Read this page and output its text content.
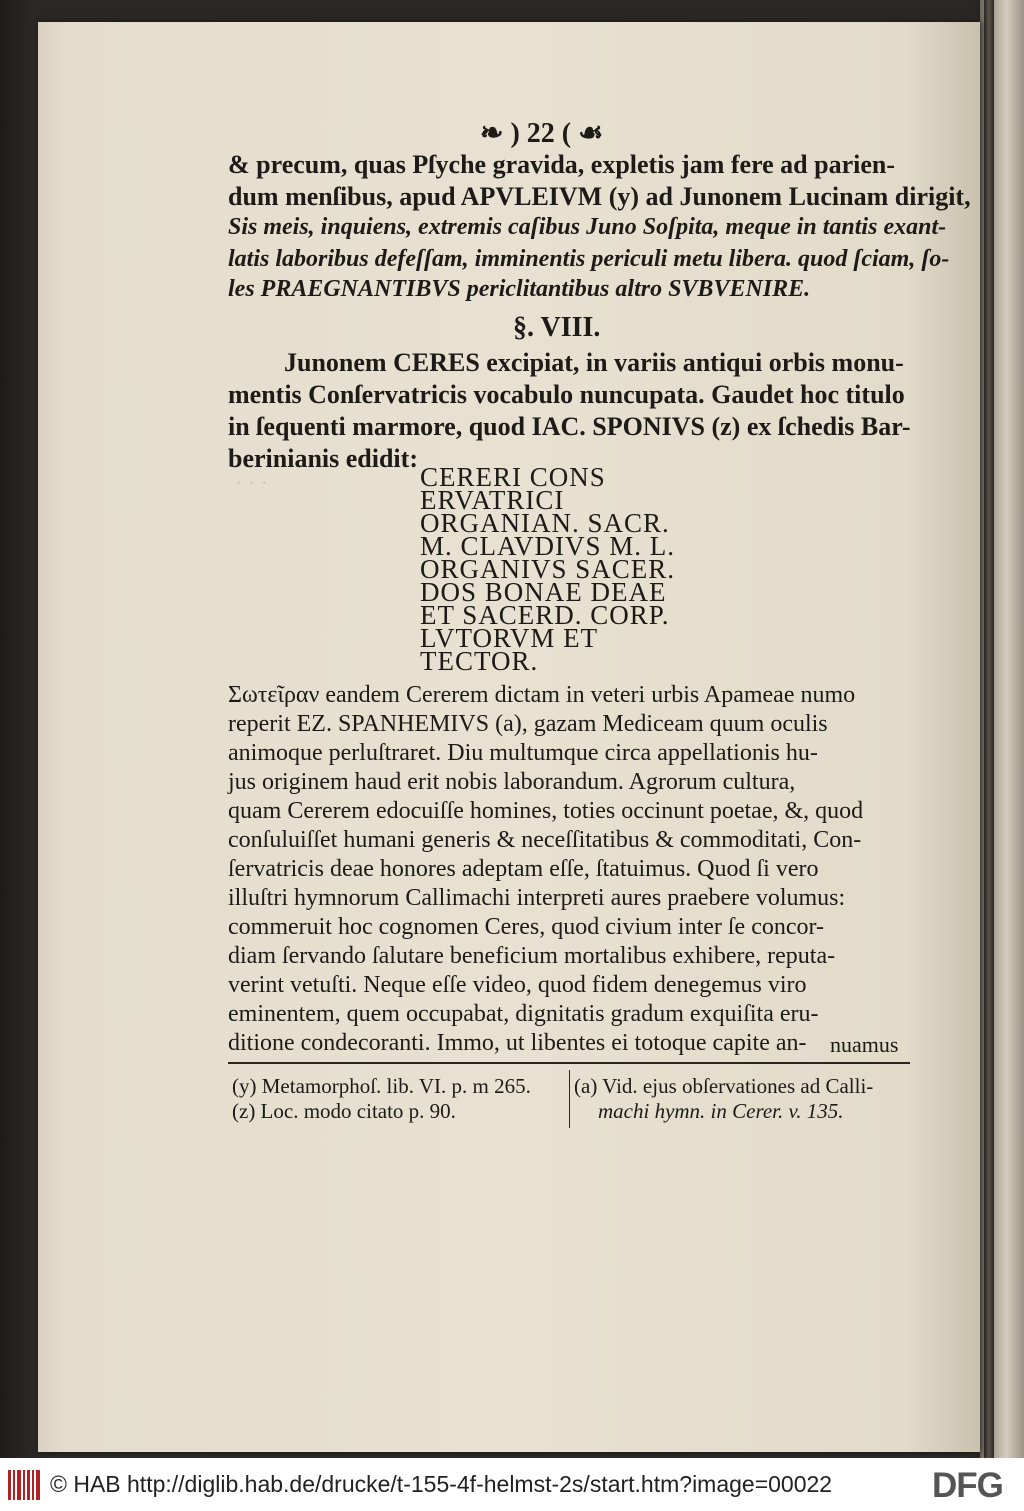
· · ·
❧ ) 22 ( ☙
& precum, quas Pſyche gravida, expletis jam fere ad parien-
dum menſibus, apud APVLEIVM (y) ad Junonem Lucinam dirigit,
Sis meis, inquiens, extremis caſibus Juno Soſpita, meque in tantis exant-
latis laboribus defeſſam, imminentis periculi metu libera. quod ſciam, ſo-
les PRAEGNANTIBVS periclitantibus altro SVBVENIRE.
§. VIII.
Junonem CERES excipiat, in variis antiqui orbis monu-
mentis Conſervatricis vocabulo nuncupata. Gaudet hoc titulo
in ſequenti marmore, quod IAC. SPONIVS (z) ex ſchedis Bar-
berinianis edidit:
CERERI CONS
ERVATRICI
ORGANIAN. SACR.
M. CLAVDIVS M. L.
ORGANIVS SACER.
DOS BONAE DEAE
ET SACERD. CORP.
LVTORVM ET
TECTOR.
Σωτεῖραν eandem Cererem dictam in veteri urbis Apameae numo
reperit EZ. SPANHEMIVS (a), gazam Mediceam quum oculis
animoque perluſtraret. Diu multumque circa appellationis hu-
jus originem haud erit nobis laborandum. Agrorum cultura,
quam Cererem edocuiſſe homines, toties occinunt poetae, &, quod
conſuluiſſet humani generis & neceſſitatibus & commoditati, Con-
ſervatricis deae honores adeptam eſſe, ſtatuimus. Quod ſi vero
illuſtri hymnorum Callimachi interpreti aures praebere volumus:
commeruit hoc cognomen Ceres, quod civium inter ſe concor-
diam ſervando ſalutare beneficium mortalibus exhibere, reputa-
verint vetuſti. Neque eſſe video, quod fidem denegemus viro
eminentem, quem occupabat, dignitatis gradum exquiſita eru-
ditione condecoranti. Immo, ut libentes ei totoque capite an- nuamus
(y) Metamorphoſ. lib. VI. p. m 265.
(z) Loc. modo citato p. 90.
(a) Vid. ejus obſervationes ad Calli-
machi hymn. in Cerer. v. 135.
© HAB http://diglib.hab.de/drucke/t-155-4f-helmst-2s/start.htm?image=00022	DFG
